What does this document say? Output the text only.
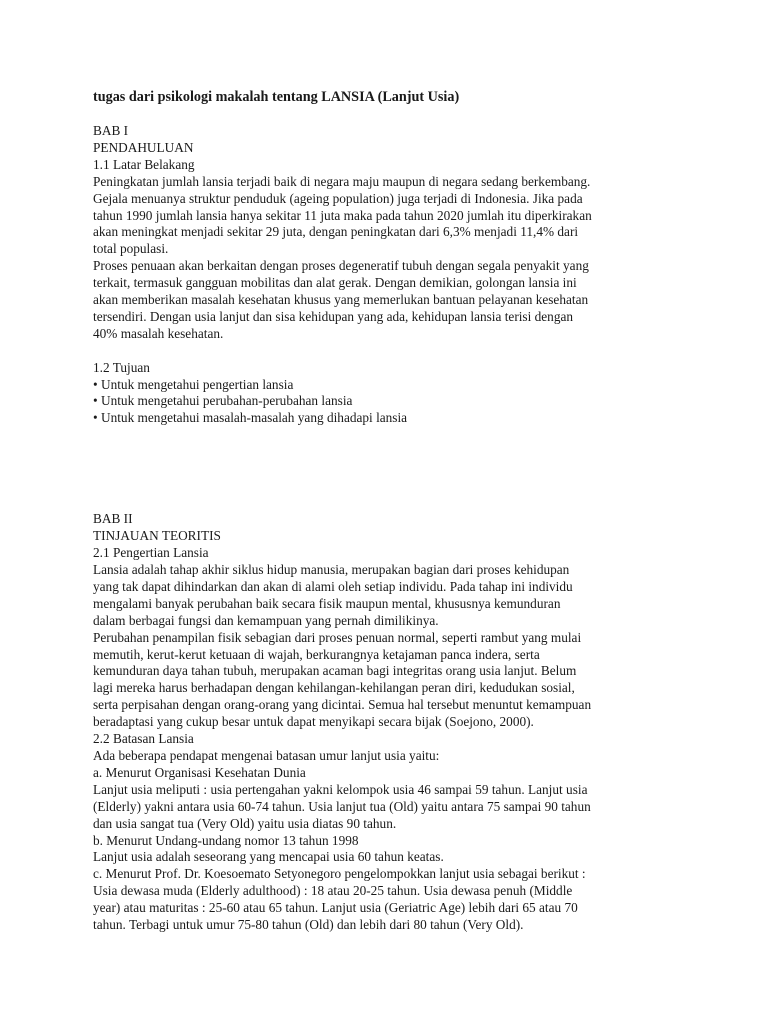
tugas dari psikologi makalah tentang LANSIA (Lanjut Usia)
BAB I
PENDAHULUAN
1.1 Latar Belakang
Peningkatan jumlah lansia terjadi baik di negara maju maupun di negara sedang berkembang.
Gejala menuanya struktur penduduk (ageing population) juga terjadi di Indonesia. Jika pada
tahun 1990 jumlah lansia hanya sekitar 11 juta maka pada tahun 2020 jumlah itu diperkirakan
akan meningkat menjadi sekitar 29 juta, dengan peningkatan dari 6,3% menjadi 11,4% dari
total populasi.
Proses penuaan akan berkaitan dengan proses degeneratif tubuh dengan segala penyakit yang
terkait, termasuk gangguan mobilitas dan alat gerak. Dengan demikian, golongan lansia ini
akan memberikan masalah kesehatan khusus yang memerlukan bantuan pelayanan kesehatan
tersendiri. Dengan usia lanjut dan sisa kehidupan yang ada, kehidupan lansia terisi dengan
40% masalah kesehatan.
1.2 Tujuan
• Untuk mengetahui pengertian lansia
• Untuk mengetahui perubahan-perubahan lansia
• Untuk mengetahui masalah-masalah yang dihadapi lansia
BAB II
TINJAUAN TEORITIS
2.1 Pengertian Lansia
Lansia adalah tahap akhir siklus hidup manusia, merupakan bagian dari proses kehidupan
yang tak dapat dihindarkan dan akan di alami oleh setiap individu. Pada tahap ini individu
mengalami banyak perubahan baik secara fisik maupun mental, khususnya kemunduran
dalam berbagai fungsi dan kemampuan yang pernah dimilikinya.
Perubahan penampilan fisik sebagian dari proses penuan normal, seperti rambut yang mulai
memutih, kerut-kerut ketuaan di wajah, berkurangnya ketajaman panca indera, serta
kemunduran daya tahan tubuh, merupakan acaman bagi integritas orang usia lanjut. Belum
lagi mereka harus berhadapan dengan kehilangan-kehilangan peran diri, kedudukan sosial,
serta perpisahan dengan orang-orang yang dicintai. Semua hal tersebut menuntut kemampuan
beradaptasi yang cukup besar untuk dapat menyikapi secara bijak (Soejono, 2000).
2.2 Batasan Lansia
Ada beberapa pendapat mengenai batasan umur lanjut usia yaitu:
a. Menurut Organisasi Kesehatan Dunia
Lanjut usia meliputi : usia pertengahan yakni kelompok usia 46 sampai 59 tahun. Lanjut usia
(Elderly) yakni antara usia 60-74 tahun. Usia lanjut tua (Old) yaitu antara 75 sampai 90 tahun
dan usia sangat tua (Very Old) yaitu usia diatas 90 tahun.
b. Menurut Undang-undang nomor 13 tahun 1998
Lanjut usia adalah seseorang yang mencapai usia 60 tahun keatas.
c. Menurut Prof. Dr. Koesoemato Setyonegoro pengelompokkan lanjut usia sebagai berikut :
Usia dewasa muda (Elderly adulthood) : 18 atau 20-25 tahun. Usia dewasa penuh (Middle
year) atau maturitas : 25-60 atau 65 tahun. Lanjut usia (Geriatric Age) lebih dari 65 atau 70
tahun. Terbagi untuk umur 75-80 tahun (Old) dan lebih dari 80 tahun (Very Old).
